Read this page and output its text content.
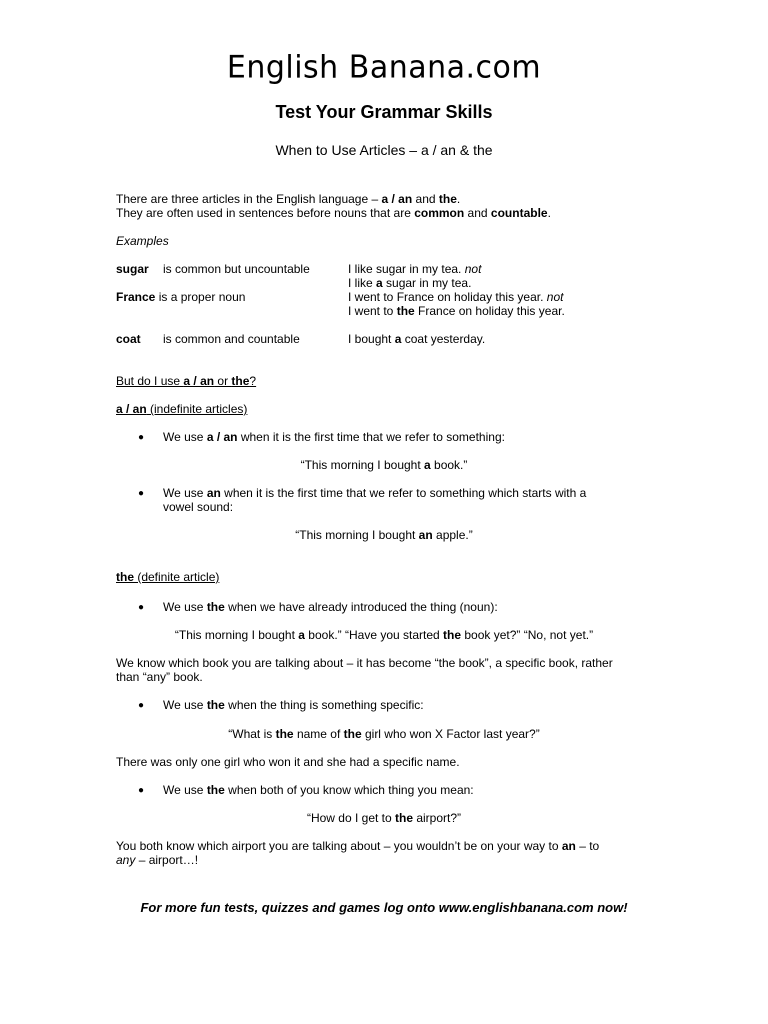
English Banana.com
Test Your Grammar Skills
When to Use Articles – a / an & the
There are three articles in the English language – a / an and the.
They are often used in sentences before nouns that are common and countable.
Examples
sugar is common but uncountable	I like sugar in my tea. not
I like a sugar in my tea.
France is a proper noun	I went to France on holiday this year. not
I went to the France on holiday this year.
coat is common and countable	I bought a coat yesterday.
But do I use a / an or the?
a / an (indefinite articles)
● We use a / an when it is the first time that we refer to something:
“This morning I bought a book.”
● We use an when it is the first time that we refer to something which starts with a
vowel sound:
“This morning I bought an apple.”
the (definite article)
● We use the when we have already introduced the thing (noun):
“This morning I bought a book.” “Have you started the book yet?” “No, not yet.”
We know which book you are talking about – it has become “the book”, a specific book, rather
than “any” book.
● We use the when the thing is something specific:
“What is the name of the girl who won X Factor last year?”
There was only one girl who won it and she had a specific name.
● We use the when both of you know which thing you mean:
“How do I get to the airport?”
You both know which airport you are talking about – you wouldn’t be on your way to an – to
any – airport…!
For more fun tests, quizzes and games log onto www.englishbanana.com now!
